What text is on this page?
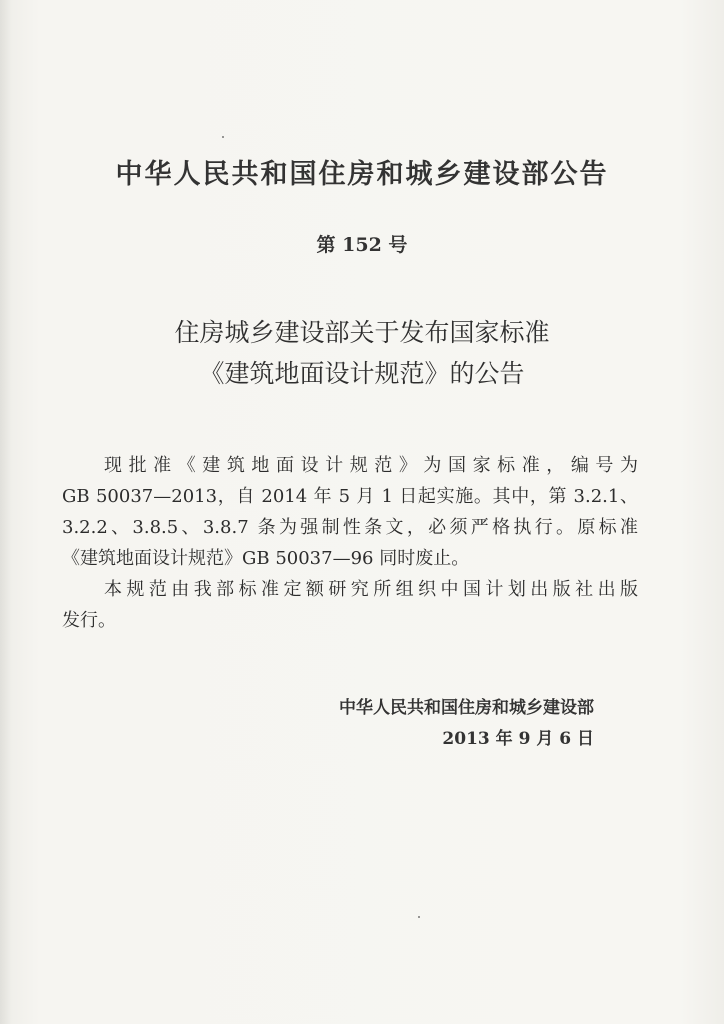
中华人民共和国住房和城乡建设部公告
第 152 号
住房城乡建设部关于发布国家标准
《建筑地面设计规范》的公告
现批准《建筑地面设计规范》为国家标准，编号为
GB 50037—2013，自 2014 年 5 月 1 日起实施。其中，第 3.2.1、
3.2.2、3.8.5、3.8.7 条为强制性条文，必须严格执行。原标准
《建筑地面设计规范》GB 50037—96 同时废止。
本规范由我部标准定额研究所组织中国计划出版社出版
发行。
中华人民共和国住房和城乡建设部
2013 年 9 月 6 日
